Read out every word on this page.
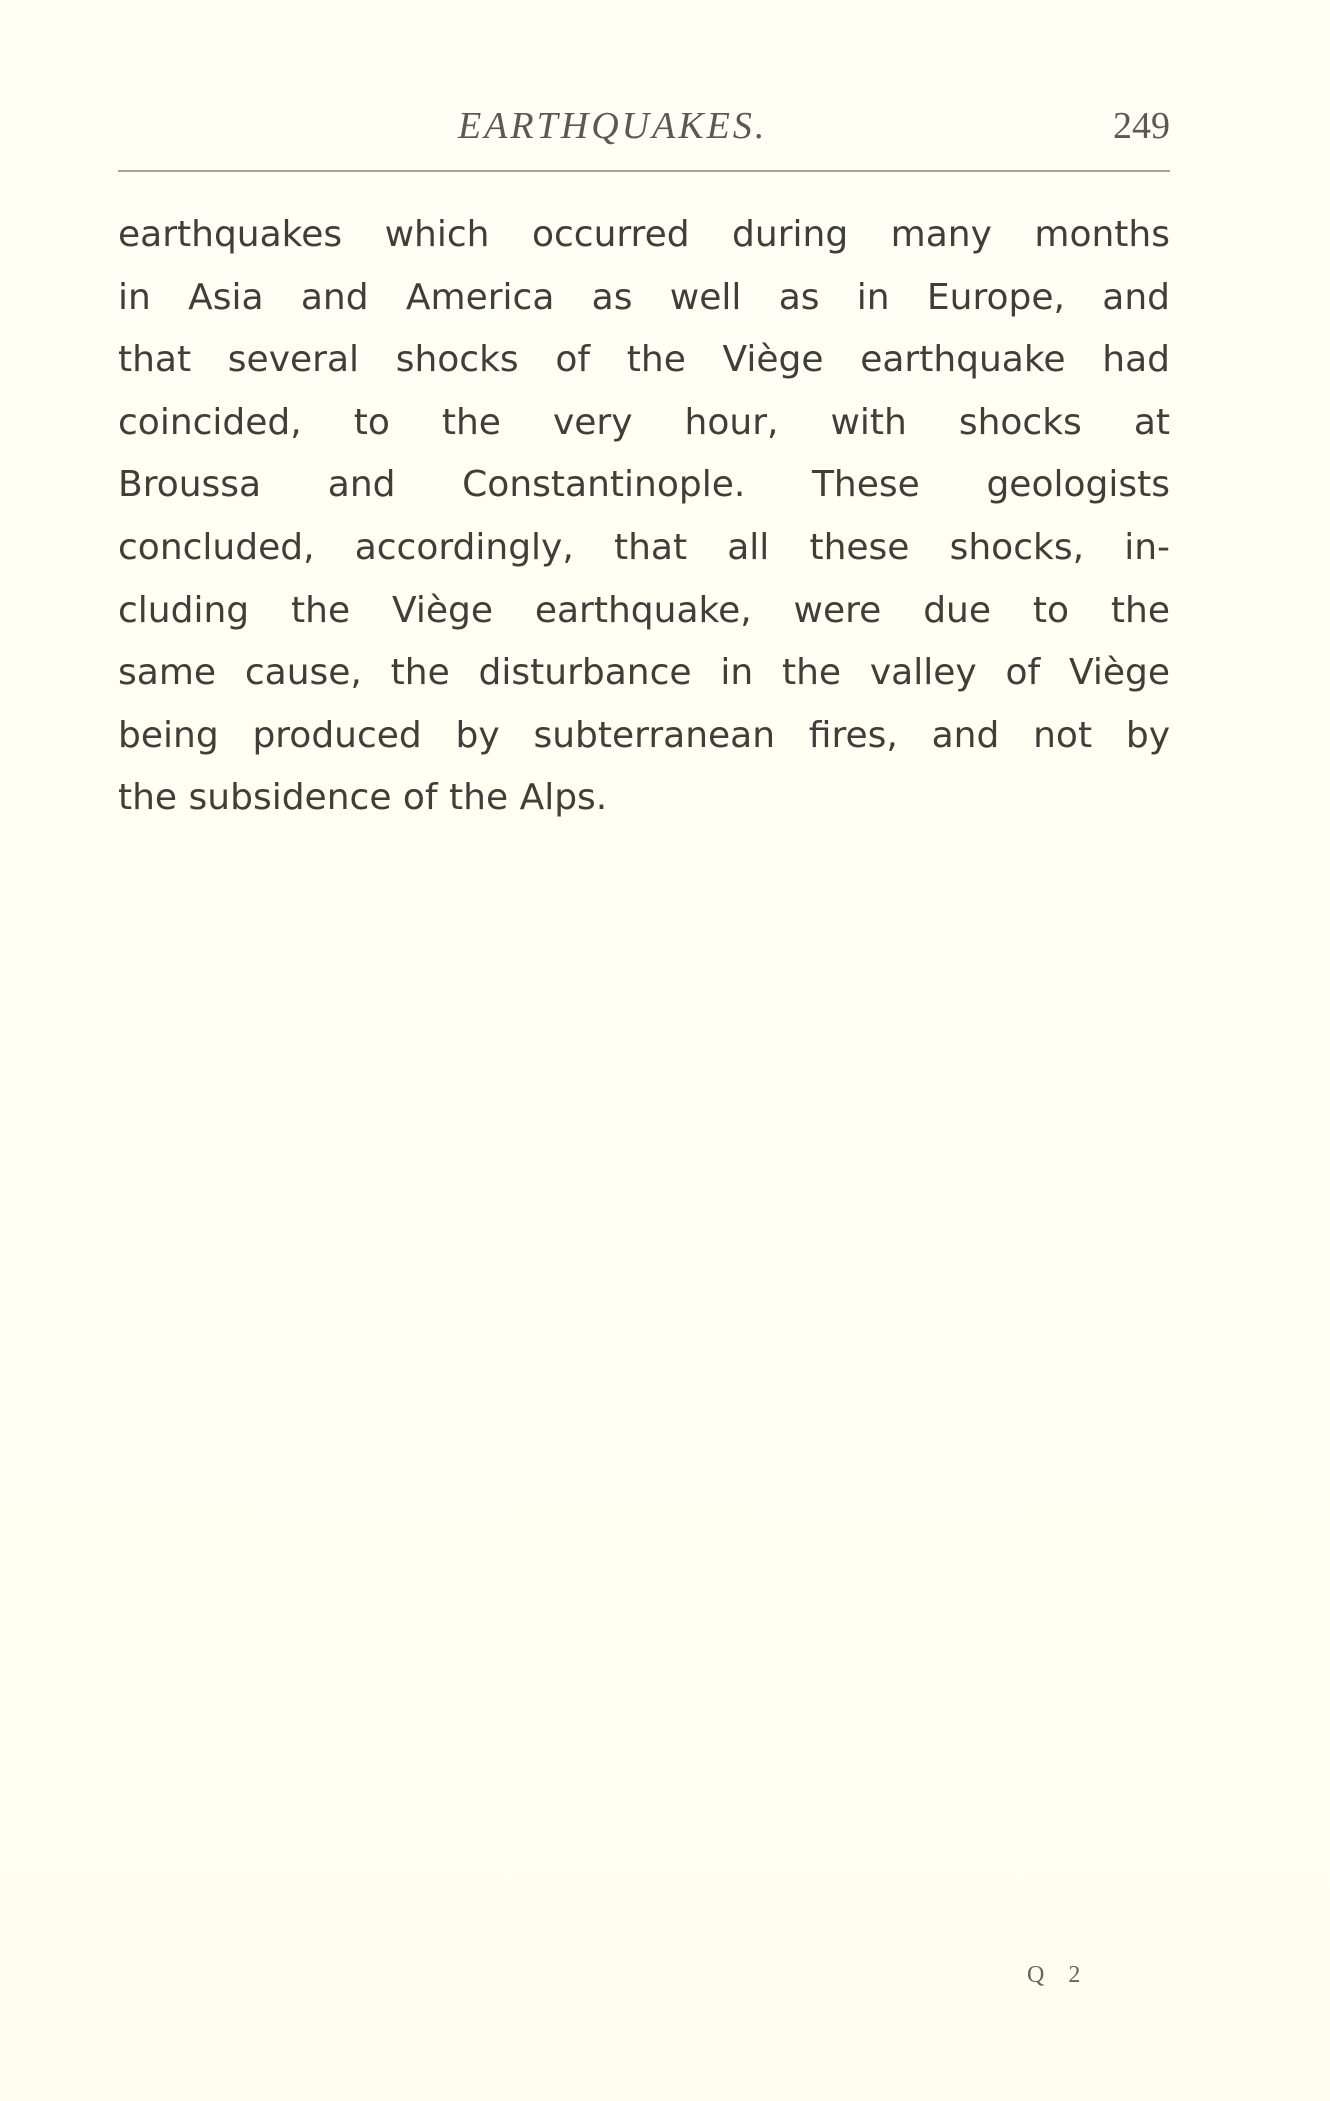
EARTHQUAKES.	249
earthquakes which occurred during many months
in Asia and America as well as in Europe, and
that several shocks of the Viège earthquake had
coincided, to the very hour, with shocks at
Broussa and Constantinople. These geologists
concluded, accordingly, that all these shocks, in-
cluding the Viège earthquake, were due to the
same cause, the disturbance in the valley of Viège
being produced by subterranean fires, and not by
the subsidence of the Alps.
Q 2
